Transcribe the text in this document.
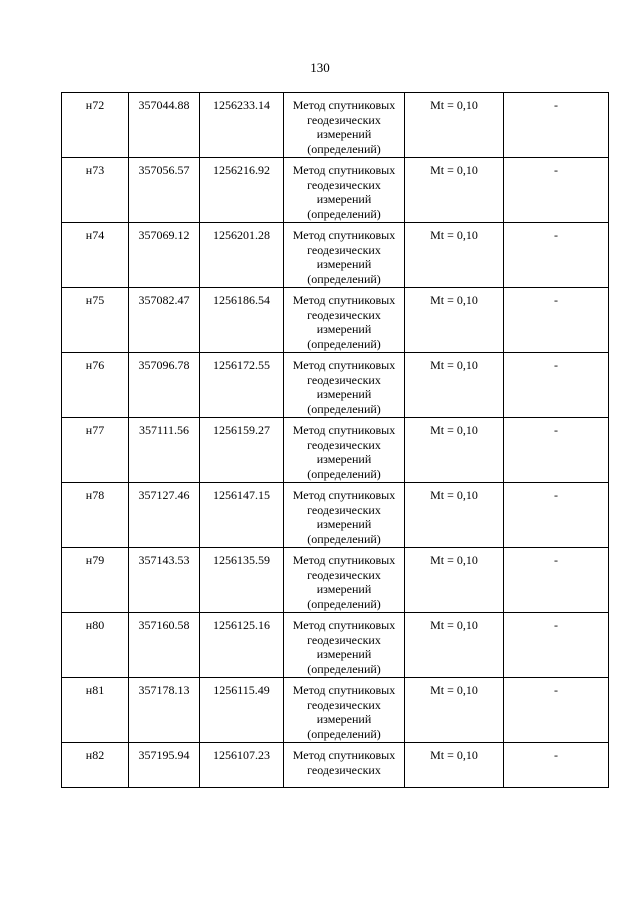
130
н72	357044.88	1256233.14	Метод спутниковых геодезических измерений (определений)	Mt = 0,10	-
н73	357056.57	1256216.92	Метод спутниковых геодезических измерений (определений)	Mt = 0,10	-
н74	357069.12	1256201.28	Метод спутниковых геодезических измерений (определений)	Mt = 0,10	-
н75	357082.47	1256186.54	Метод спутниковых геодезических измерений (определений)	Mt = 0,10	-
н76	357096.78	1256172.55	Метод спутниковых геодезических измерений (определений)	Mt = 0,10	-
н77	357111.56	1256159.27	Метод спутниковых геодезических измерений (определений)	Mt = 0,10	-
н78	357127.46	1256147.15	Метод спутниковых геодезических измерений (определений)	Mt = 0,10	-
н79	357143.53	1256135.59	Метод спутниковых геодезических измерений (определений)	Mt = 0,10	-
н80	357160.58	1256125.16	Метод спутниковых геодезических измерений (определений)	Mt = 0,10	-
н81	357178.13	1256115.49	Метод спутниковых геодезических измерений (определений)	Mt = 0,10	-
н82	357195.94	1256107.23	Метод спутниковых геодезических	Mt = 0,10	-
